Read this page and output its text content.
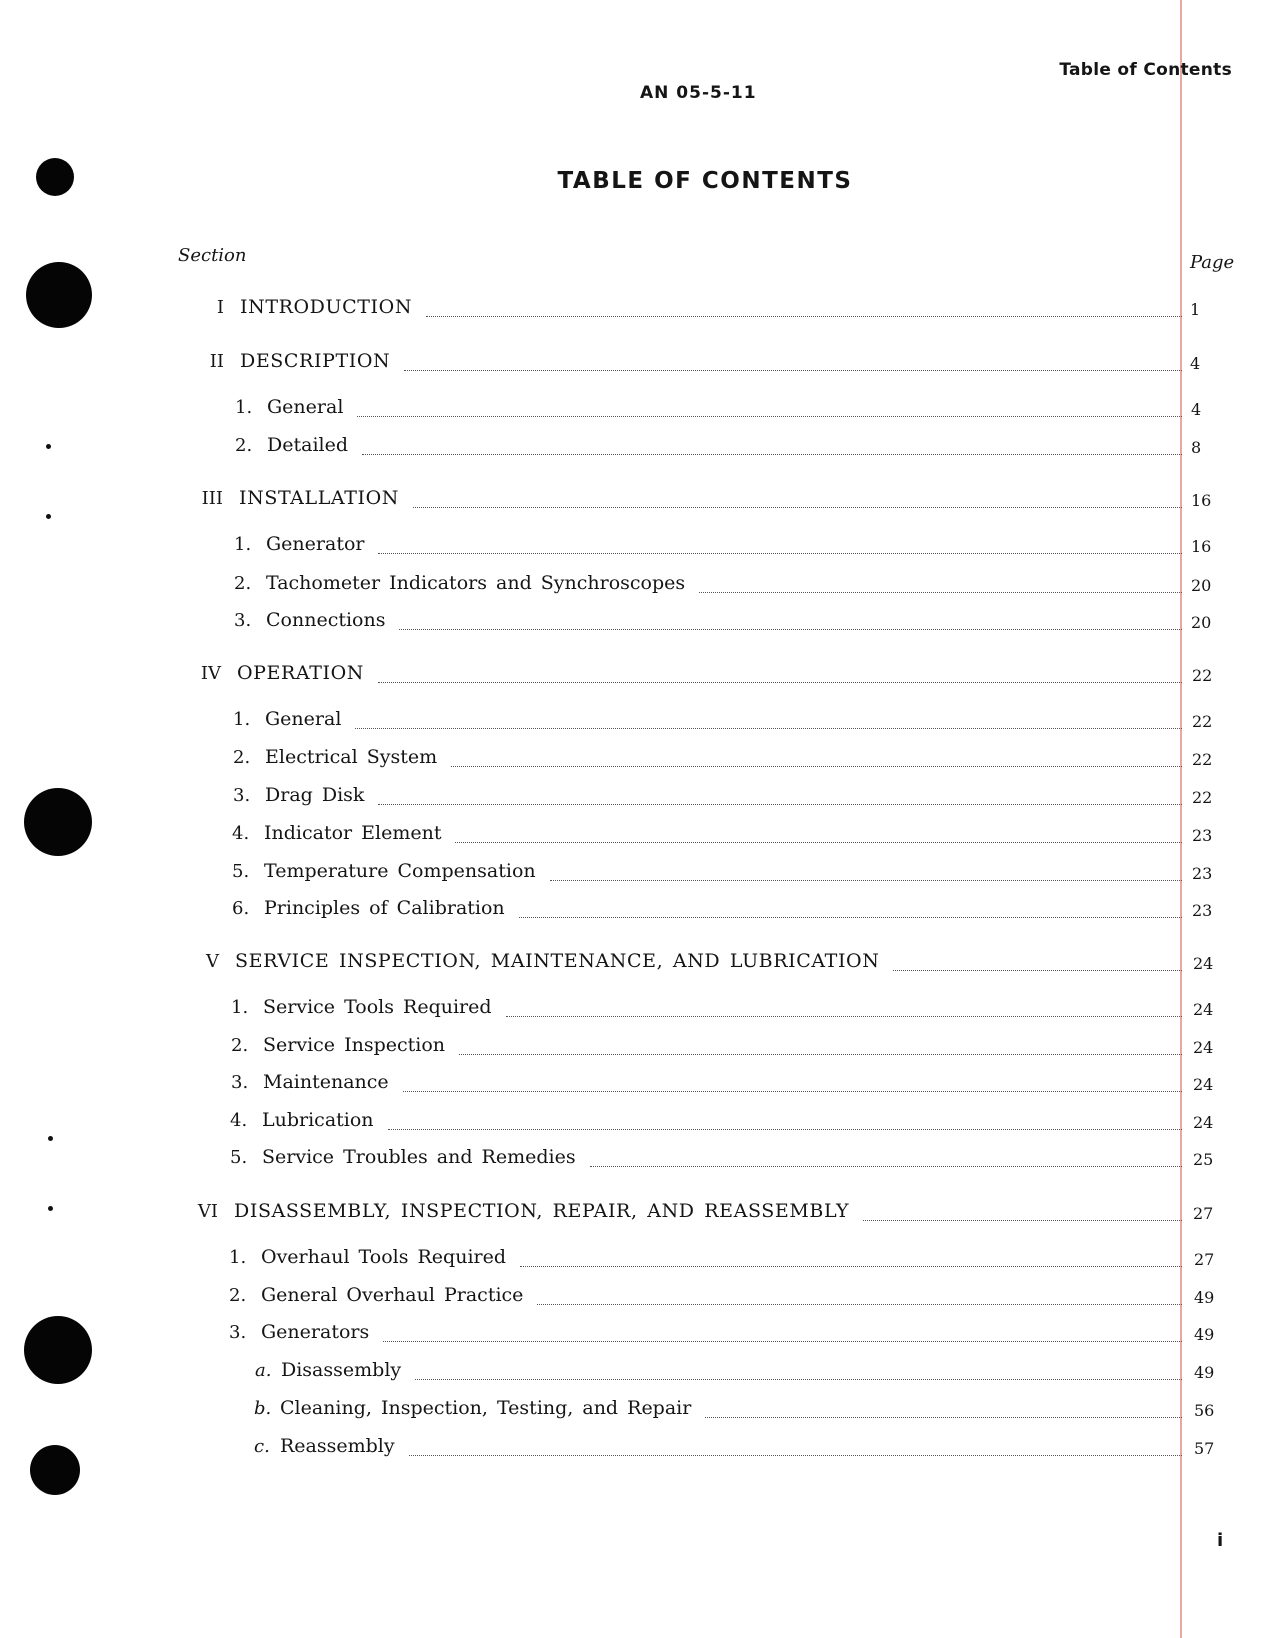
Table of Contents
AN 05-5-11
TABLE OF CONTENTS
Section	Page
I INTRODUCTION	1
II DESCRIPTION	4
1. General	4
2. Detailed	8
III INSTALLATION	16
1. Generator	16
2. Tachometer Indicators and Synchroscopes	20
3. Connections	20
IV OPERATION	22
1. General	22
2. Electrical System	22
3. Drag Disk	22
4. Indicator Element	23
5. Temperature Compensation	23
6. Principles of Calibration	23
V SERVICE INSPECTION, MAINTENANCE, AND LUBRICATION	24
1. Service Tools Required	24
2. Service Inspection	24
3. Maintenance	24
4. Lubrication	24
5. Service Troubles and Remedies	25
VI DISASSEMBLY, INSPECTION, REPAIR, AND REASSEMBLY	27
1. Overhaul Tools Required	27
2. General Overhaul Practice	49
3. Generators	49
a. Disassembly	49
b. Cleaning, Inspection, Testing, and Repair	56
c. Reassembly	57
i
